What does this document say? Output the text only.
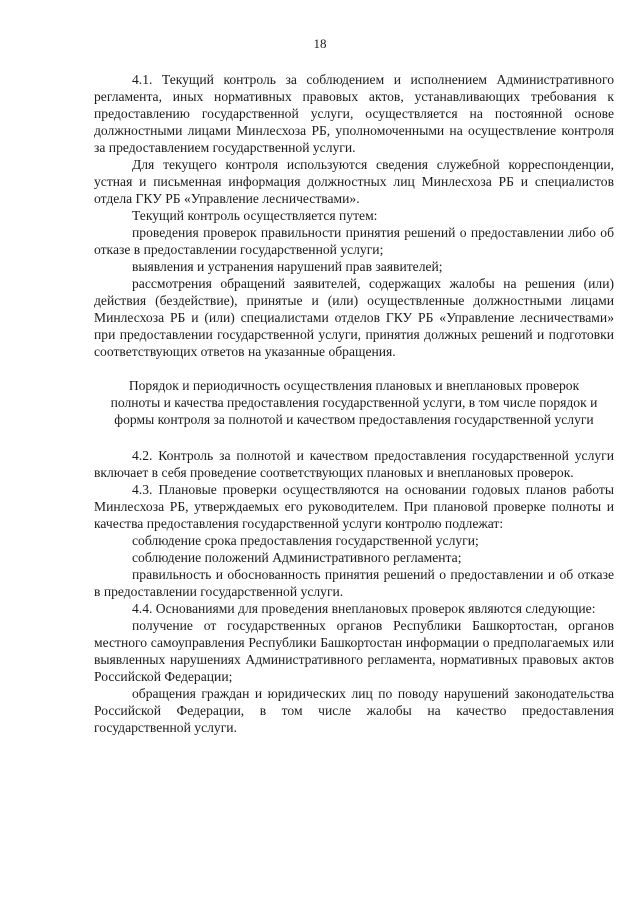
18

4.1. Текущий контроль за соблюдением и исполнением Административного регламента, иных нормативных правовых актов, устанавливающих требования к предоставлению государственной услуги, осуществляется на постоянной основе должностными лицами Минлесхоза РБ, уполномоченными на осуществление контроля за предоставлением государственной услуги.

Для текущего контроля используются сведения служебной корреспонденции, устная и письменная информация должностных лиц Минлесхоза РБ и специалистов отдела ГКУ РБ «Управление лесничествами».

Текущий контроль осуществляется путем:

проведения проверок правильности принятия решений о предоставлении либо об отказе в предоставлении государственной услуги;

выявления и устранения нарушений прав заявителей;

рассмотрения обращений заявителей, содержащих жалобы на решения (или) действия (бездействие), принятые и (или) осуществленные должностными лицами Минлесхоза РБ и (или) специалистами отделов ГКУ РБ «Управление лесничествами» при предоставлении государственной услуги, принятия должных решений и подготовки соответствующих ответов на указанные обращения.

Порядок и периодичность осуществления плановых и внеплановых проверок полноты и качества предоставления государственной услуги, в том числе порядок и формы контроля за полнотой и качеством предоставления государственной услуги

4.2. Контроль за полнотой и качеством предоставления государственной услуги включает в себя проведение соответствующих плановых и внеплановых проверок.

4.3. Плановые проверки осуществляются на основании годовых планов работы Минлесхоза РБ, утверждаемых его руководителем. При плановой проверке полноты и качества предоставления государственной услуги контролю подлежат:

соблюдение срока предоставления государственной услуги;

соблюдение положений Административного регламента;

правильность и обоснованность принятия решений о предоставлении и об отказе в предоставлении государственной услуги.

4.4. Основаниями для проведения внеплановых проверок являются следующие:

получение от государственных органов Республики Башкортостан, органов местного самоуправления Республики Башкортостан информации о предполагаемых или выявленных нарушениях Административного регламента, нормативных правовых актов Российской Федерации;

обращения граждан и юридических лиц по поводу нарушений законодательства Российской Федерации, в том числе жалобы на качество предоставления государственной услуги.
